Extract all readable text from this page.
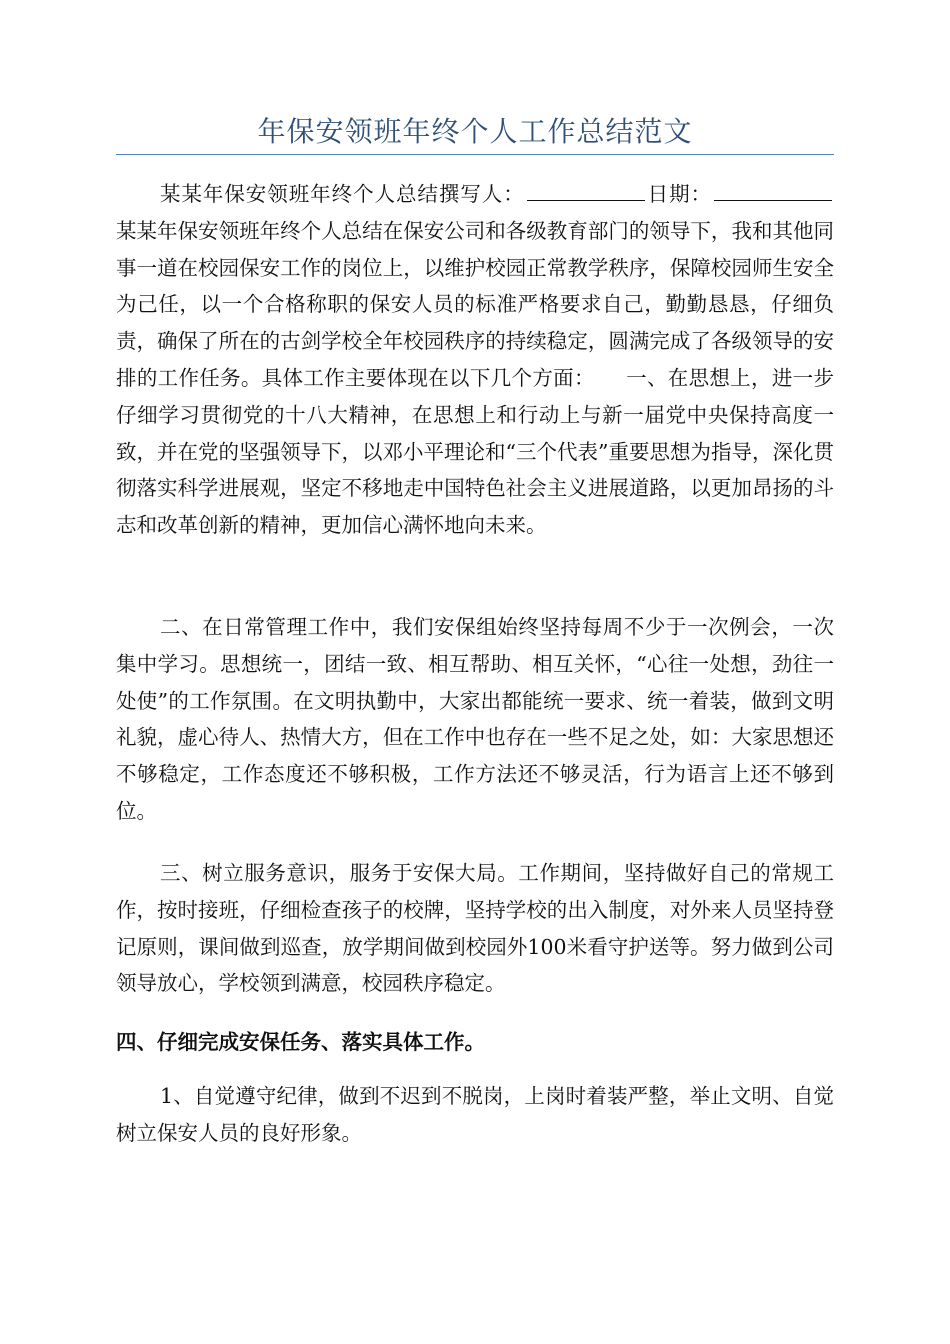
年保安领班年终个人工作总结范文
某某年保安领班年终个人总结撰写人：	日期：某某年保安领班年终个人总结在保安公司和各级教育部门的领导下，我和其他同事一道在校园保安工作的岗位上，以维护校园正常教学秩序，保障校园师生安全为己任，以一个合格称职的保安人员的标准严格要求自己，勤勤恳恳，仔细负责，确保了所在的古剑学校全年校园秩序的持续稳定，圆满完成了各级领导的安排的工作任务。具体工作主要体现在以下几个方面：　　一、在思想上，进一步仔细学习贯彻党的十八大精神，在思想上和行动上与新一届党中央保持高度一致，并在党的坚强领导下，以邓小平理论和“三个代表”重要思想为指导，深化贯彻落实科学进展观，坚定不移地走中国特色社会主义进展道路，以更加昂扬的斗志和改革创新的精神，更加信心满怀地向未来。
二、在日常管理工作中，我们安保组始终坚持每周不少于一次例会，一次集中学习。思想统一，团结一致、相互帮助、相互关怀，“心往一处想，劲往一处使”的工作氛围。在文明执勤中，大家出都能统一要求、统一着装，做到文明礼貌，虚心待人、热情大方，但在工作中也存在一些不足之处，如：大家思想还不够稳定，工作态度还不够积极，工作方法还不够灵活，行为语言上还不够到位。
三、树立服务意识，服务于安保大局。工作期间，坚持做好自己的常规工作，按时接班，仔细检查孩子的校牌，坚持学校的出入制度，对外来人员坚持登记原则，课间做到巡查，放学期间做到校园外100米看守护送等。努力做到公司领导放心，学校领到满意，校园秩序稳定。
四、仔细完成安保任务、落实具体工作。
1、自觉遵守纪律，做到不迟到不脱岗，上岗时着装严整，举止文明、自觉树立保安人员的良好形象。
